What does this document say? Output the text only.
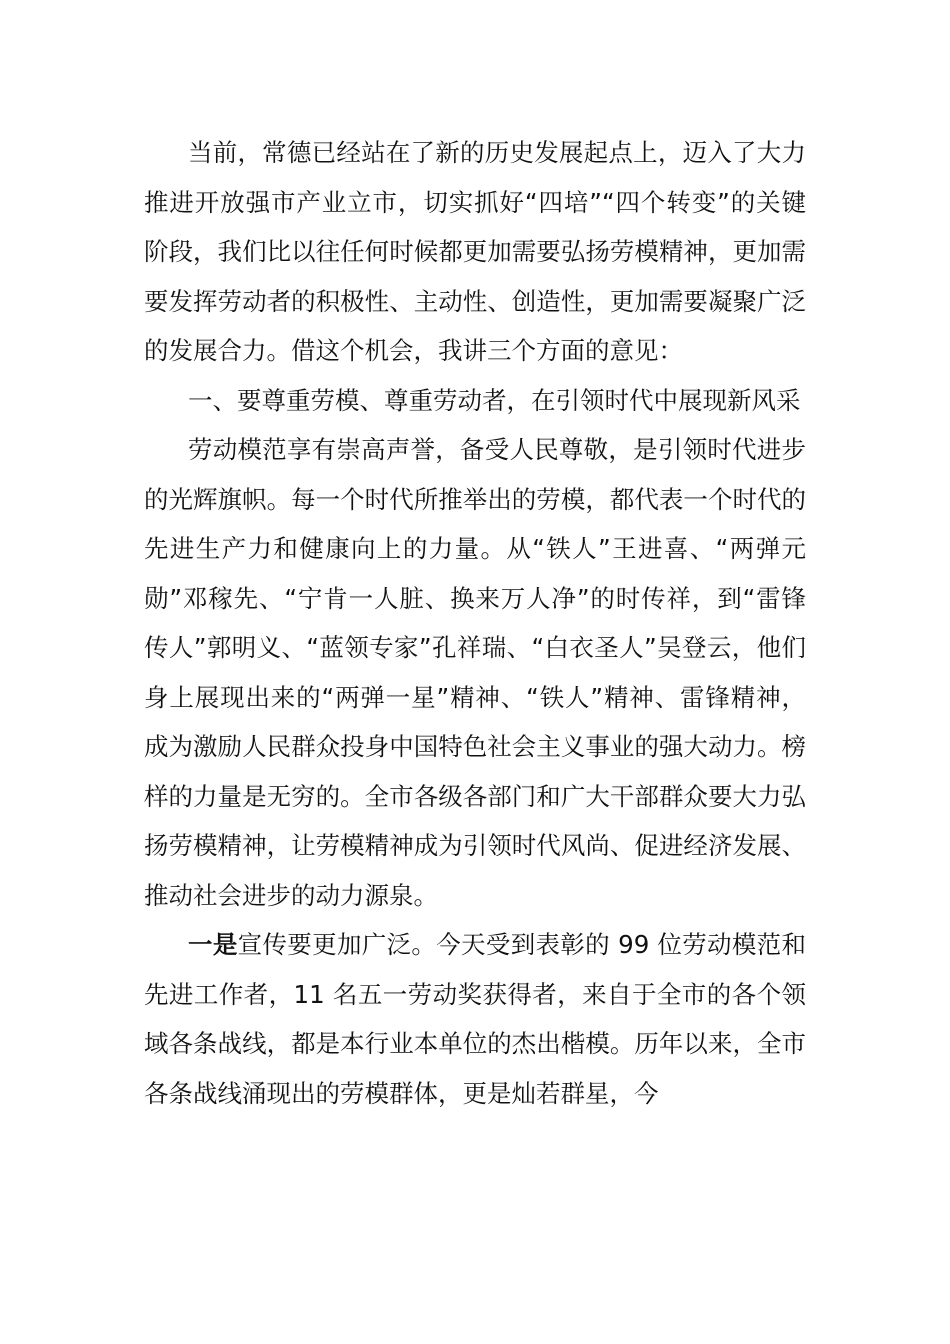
当前，常德已经站在了新的历史发展起点上，迈入了大力推进开放强市产业立市，切实抓好“四培”“四个转变”的关键阶段，我们比以往任何时候都更加需要弘扬劳模精神，更加需要发挥劳动者的积极性、主动性、创造性，更加需要凝聚广泛的发展合力。借这个机会，我讲三个方面的意见：

一、要尊重劳模、尊重劳动者，在引领时代中展现新风采

劳动模范享有崇高声誉，备受人民尊敬，是引领时代进步的光辉旗帜。每一个时代所推举出的劳模，都代表一个时代的先进生产力和健康向上的力量。从“铁人”王进喜、“两弹元勋”邓稼先、“宁肯一人脏、换来万人净”的时传祥，到“雷锋传人”郭明义、“蓝领专家”孔祥瑞、“白衣圣人”吴登云，他们身上展现出来的“两弹一星”精神、“铁人”精神、雷锋精神，成为激励人民群众投身中国特色社会主义事业的强大动力。榜样的力量是无穷的。全市各级各部门和广大干部群众要大力弘扬劳模精神，让劳模精神成为引领时代风尚、促进经济发展、推动社会进步的动力源泉。

一是宣传要更加广泛。今天受到表彰的 99 位劳动模范和先进工作者，11 名五一劳动奖获得者，来自于全市的各个领域各条战线，都是本行业本单位的杰出楷模。历年以来，全市各条战线涌现出的劳模群体，更是灿若群星，今
